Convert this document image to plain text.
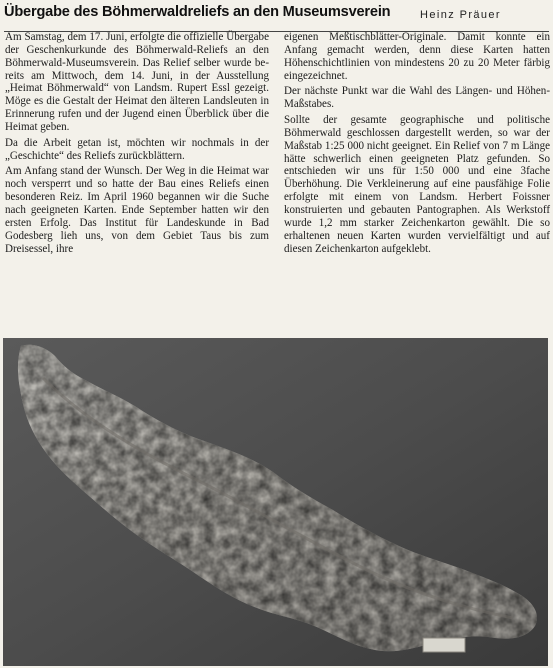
Übergabe des Böhmerwaldreliefs an den Museumsverein	Heinz Präuer

Am Samstag, dem 17. Juni, erfolgte die offizielle Übergabe der Geschenkurkunde des Böhmerwald-Reliefs an den Böhmerwald-Museumsverein. Das Relief selber wurde bereits am Mittwoch, dem 14. Juni, in der Ausstellung „Heimat Böhmerwald“ von Landsm. Rupert Essl gezeigt. Möge es die Gestalt der Heimat den älteren Landsleuten in Erinnerung rufen und der Jugend einen Überblick über die Heimat geben.

Da die Arbeit getan ist, möchten wir nochmals in der „Geschichte“ des Reliefs zurückblättern.

Am Anfang stand der Wunsch. Der Weg in die Heimat war noch versperrt und so hatte der Bau eines Reliefs einen besonderen Reiz. Im April 1960 begannen wir die Suche nach geeigneten Karten. Ende September hatten wir den ersten Erfolg. Das Institut für Landeskunde in Bad Godesberg lieh uns, von dem Gebiet Taus bis zum Dreisessel, ihre

eigenen Meßtischblätter-Originale. Damit konnte ein Anfang gemacht werden, denn diese Karten hatten Höhenschichtlinien von mindestens 20 zu 20 Meter färbig eingezeichnet.

Der nächste Punkt war die Wahl des Längen- und Höhen-Maßstabes.

Sollte der gesamte geographische und politische Böhmerwald geschlossen dargestellt werden, so war der Maßstab 1:25 000 nicht geeignet. Ein Relief von 7 m Länge hätte schwerlich einen geeigneten Platz gefunden. So entschieden wir uns für 1:50 000 und eine 3fache Überhöhung. Die Verkleinerung auf eine pausfähige Folie erfolgte mit einem von Landsm. Herbert Foissner konstruierten und gebauten Pantographen. Als Werkstoff wurde 1,2 mm starker Zeichenkarton gewählt. Die so erhaltenen neuen Karten wurden vervielfältigt und auf diesen Zeichenkarton aufgeklebt.
